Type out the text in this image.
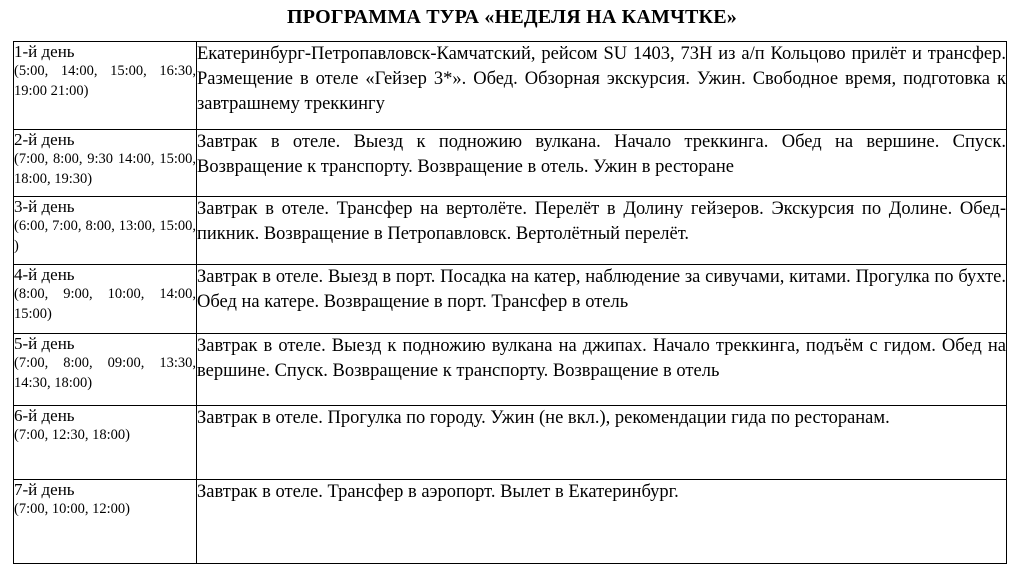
ПРОГРАММА ТУРА «НЕДЕЛЯ НА КАМЧТКЕ»
1-й день
(5:00, 14:00, 15:00, 16:30, 19:00 21:00)	Екатеринбург-Петропавловск-Камчатский, рейсом SU 1403, 73Н из а/п Кольцово прилёт и трансфер. Размещение в отеле «Гейзер 3*». Обед. Обзорная экскурсия. Ужин. Свободное время, подготовка к завтрашнему треккингу

2-й день
(7:00, 8:00, 9:30 14:00, 15:00, 18:00, 19:30)	Завтрак в отеле. Выезд к подножию вулкана. Начало треккинга. Обед на вершине. Спуск. Возвращение к транспорту. Возвращение в отель. Ужин в ресторане

3-й день
(6:00, 7:00, 8:00, 13:00, 15:00, )	Завтрак в отеле. Трансфер на вертолёте. Перелёт в Долину гейзеров. Экскурсия по Долине. Обед-пикник. Возвращение в Петропавловск. Вертолётный перелёт.

4-й день
(8:00, 9:00, 10:00, 14:00, 15:00)	Завтрак в отеле. Выезд в порт. Посадка на катер, наблюдение за сивучами, китами. Прогулка по бухте. Обед на катере. Возвращение в порт. Трансфер в отель

5-й день
(7:00, 8:00, 09:00, 13:30, 14:30, 18:00)	Завтрак в отеле. Выезд к подножию вулкана на джипах. Начало треккинга, подъём с гидом. Обед на вершине. Спуск. Возвращение к транспорту. Возвращение в отель

6-й день
(7:00, 12:30, 18:00)	Завтрак в отеле. Прогулка по городу. Ужин (не вкл.), рекомендации гида по ресторанам.

7-й день
(7:00, 10:00, 12:00)	Завтрак в отеле. Трансфер в аэропорт. Вылет в Екатеринбург.
